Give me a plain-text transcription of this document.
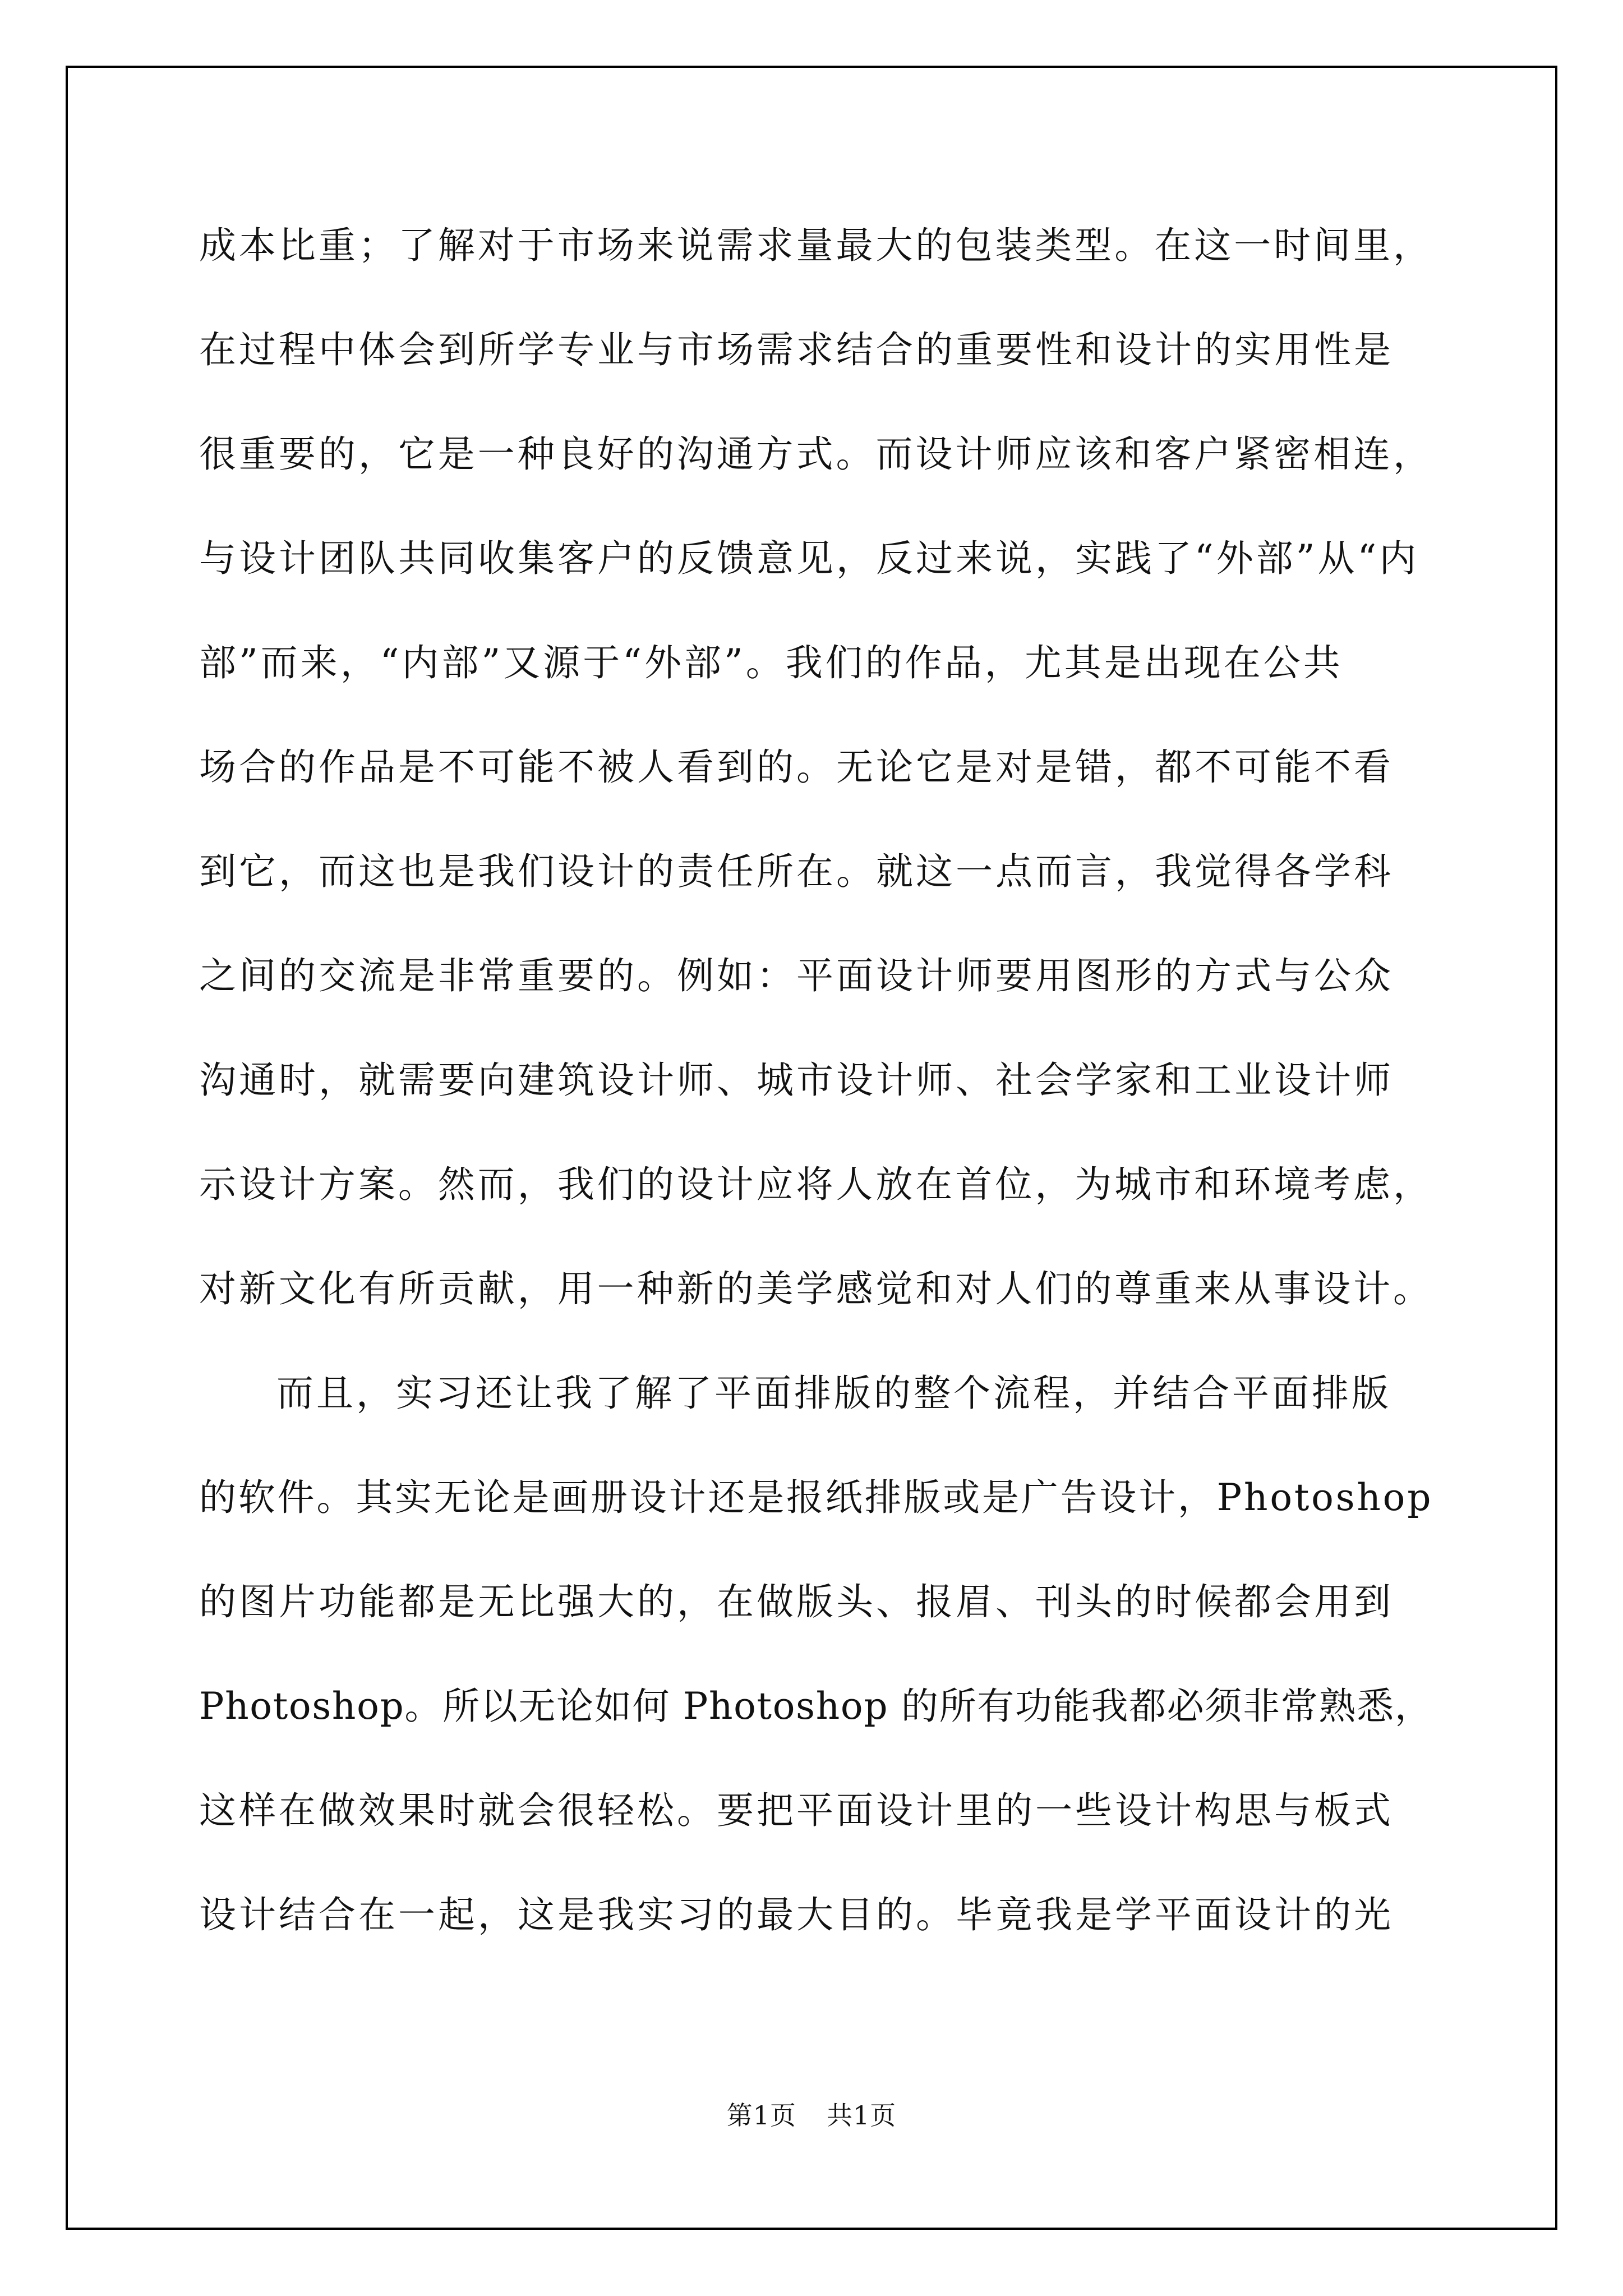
成本比重；了解对于市场来说需求量最大的包装类型。在这一时间里，
在过程中体会到所学专业与市场需求结合的重要性和设计的实用性是
很重要的，它是一种良好的沟通方式。而设计师应该和客户紧密相连，
与设计团队共同收集客户的反馈意见，反过来说，实践了“外部”从“内
部”而来，“内部”又源于“外部”。我们的作品，尤其是出现在公共
场合的作品是不可能不被人看到的。无论它是对是错，都不可能不看
到它，而这也是我们设计的责任所在。就这一点而言，我觉得各学科
之间的交流是非常重要的。例如：平面设计师要用图形的方式与公众
沟通时，就需要向建筑设计师、城市设计师、社会学家和工业设计师
示设计方案。然而，我们的设计应将人放在首位，为城市和环境考虑，
对新文化有所贡献，用一种新的美学感觉和对人们的尊重来从事设计。
而且，实习还让我了解了平面排版的整个流程，并结合平面排版
的软件。其实无论是画册设计还是报纸排版或是广告设计，Photoshop
的图片功能都是无比强大的，在做版头、报眉、刊头的时候都会用到
Photoshop。所以无论如何 Photoshop 的所有功能我都必须非常熟悉，
这样在做效果时就会很轻松。要把平面设计里的一些设计构思与板式
设计结合在一起，这是我实习的最大目的。毕竟我是学平面设计的光
第1页 共1页
